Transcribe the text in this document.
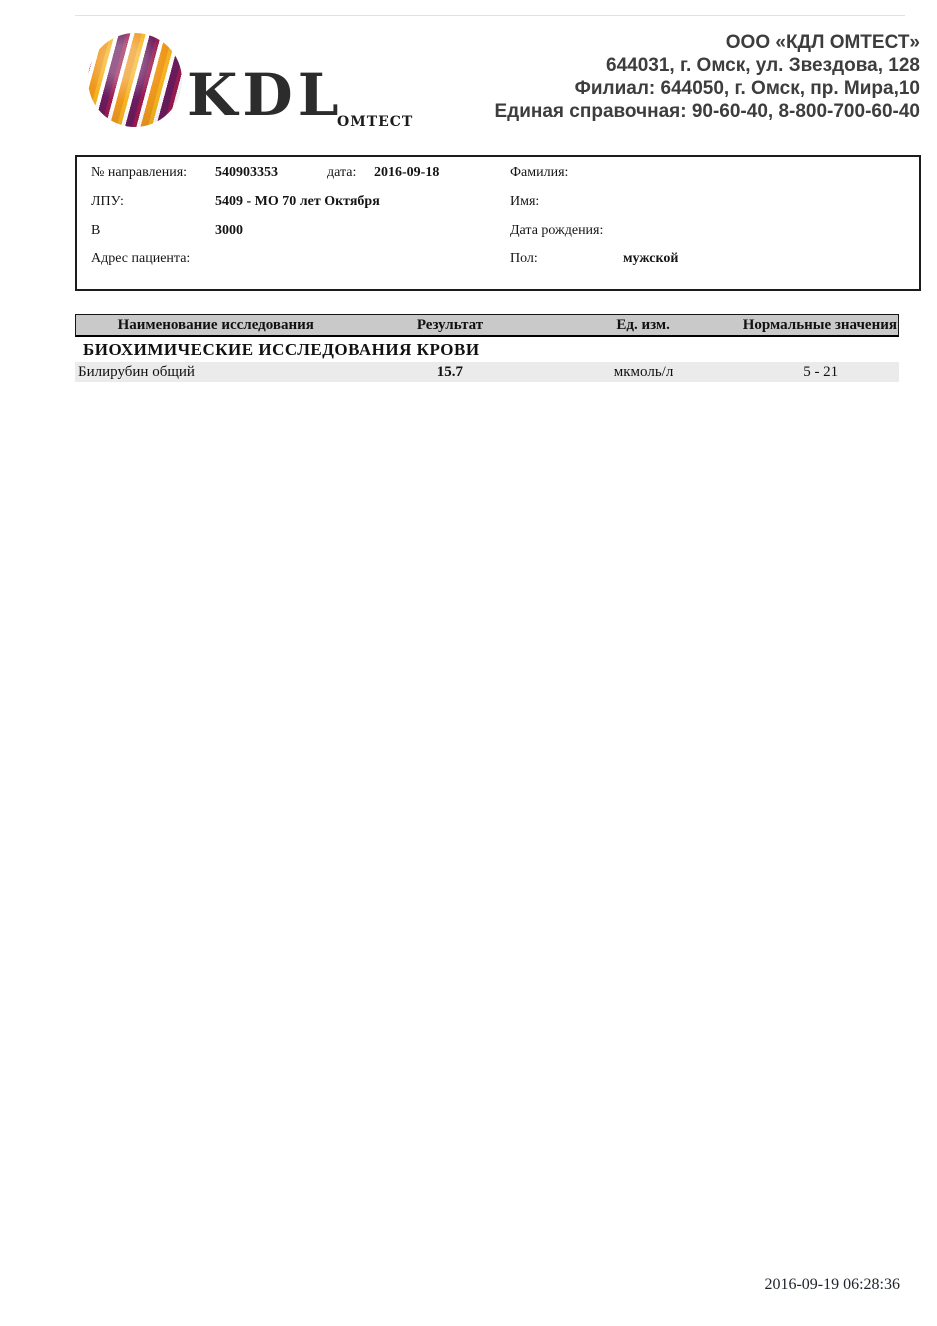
KDL
ОМТЕСТ
ООО «КДЛ ОМТЕСТ»
644031, г. Омск, ул. Звездова, 128
Филиал: 644050, г. Омск, пр. Мира,10
Единая справочная: 90-60-40, 8-800-700-60-40
№ направления: 540903353	дата: 2016-09-18
ЛПУ:	5409 - МО 70 лет Октября
В	3000
Адрес пациента:
Фамилия:
Имя:
Дата рождения:
Пол:	мужской
Наименование исследования	Результат	Ед. изм.	Нормальные значения
БИОХИМИЧЕСКИЕ ИССЛЕДОВАНИЯ КРОВИ
Билирубин общий	15.7	мкмоль/л	5 - 21
2016-09-19 06:28:36
